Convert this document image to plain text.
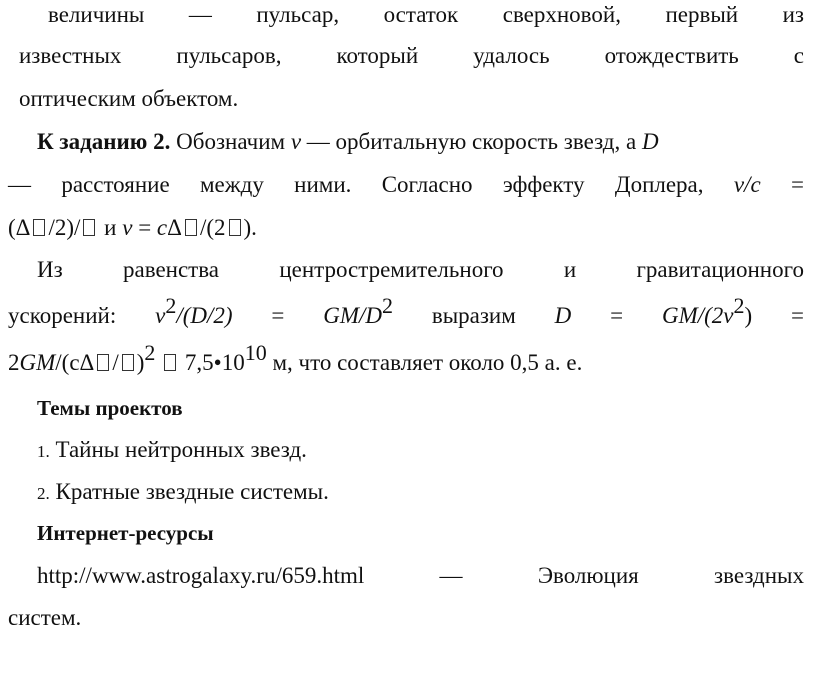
величины — пульсар, остаток сверхновой, первый из
известных пульсаров, который удалось отождествить с
оптическим объектом.
К заданию 2. Обозначим v — орбитальную скорость звезд, а D
— расстояние между ними. Согласно эффекту Доплера, v/c =
(Δ /2)/ и v = cΔ /(2 ).
Из	равенства	центростремительного	и	гравитационного
ускорений: v2/(D/2) = GM/D2 выразим D = GM/(2v2) =
2GM/(cΔ / )2  7,5•1010 м, что составляет около 0,5 а. е.
Темы проектов
1. Тайны нейтронных звезд.
2. Кратные звездные системы.
Интернет-ресурсы
http://www.astrogalaxy.ru/659.html	—	Эволюция	звездных
систем.
